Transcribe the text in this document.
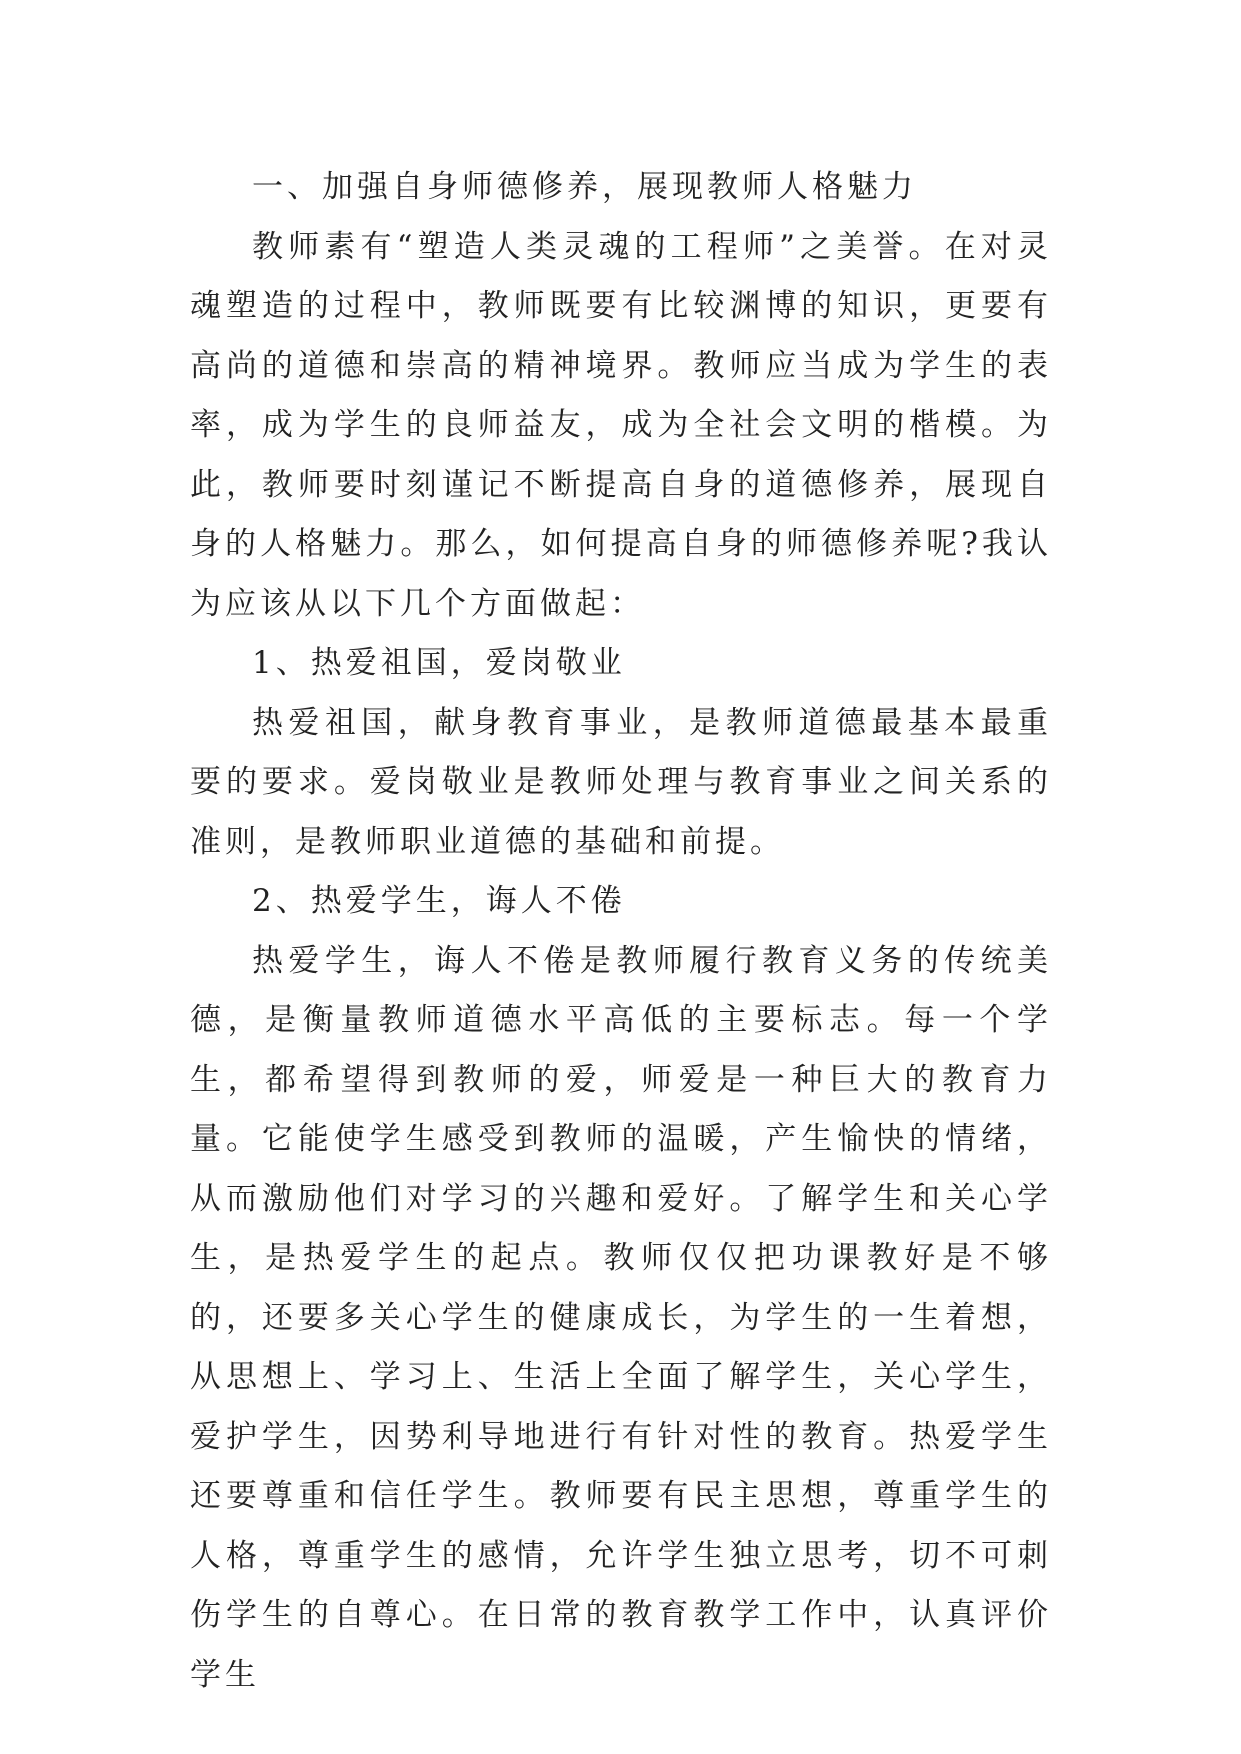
一、加强自身师德修养，展现教师人格魅力

教师素有“塑造人类灵魂的工程师”之美誉。在对灵魂塑造的过程中，教师既要有比较渊博的知识，更要有高尚的道德和崇高的精神境界。教师应当成为学生的表率，成为学生的良师益友，成为全社会文明的楷模。为此，教师要时刻谨记不断提高自身的道德修养，展现自身的人格魅力。那么，如何提高自身的师德修养呢?我认为应该从以下几个方面做起：

1、热爱祖国，爱岗敬业

热爱祖国，献身教育事业，是教师道德最基本最重要的要求。爱岗敬业是教师处理与教育事业之间关系的准则，是教师职业道德的基础和前提。

2、热爱学生，诲人不倦

热爱学生，诲人不倦是教师履行教育义务的传统美德，是衡量教师道德水平高低的主要标志。每一个学生，都希望得到教师的爱，师爱是一种巨大的教育力量。它能使学生感受到教师的温暖，产生愉快的情绪，从而激励他们对学习的兴趣和爱好。了解学生和关心学生，是热爱学生的起点。教师仅仅把功课教好是不够的，还要多关心学生的健康成长，为学生的一生着想，从思想上、学习上、生活上全面了解学生，关心学生，爱护学生，因势利导地进行有针对性的教育。热爱学生还要尊重和信任学生。教师要有民主思想，尊重学生的人格，尊重学生的感情，允许学生独立思考，切不可刺伤学生的自尊心。在日常的教育教学工作中，认真评价学生
